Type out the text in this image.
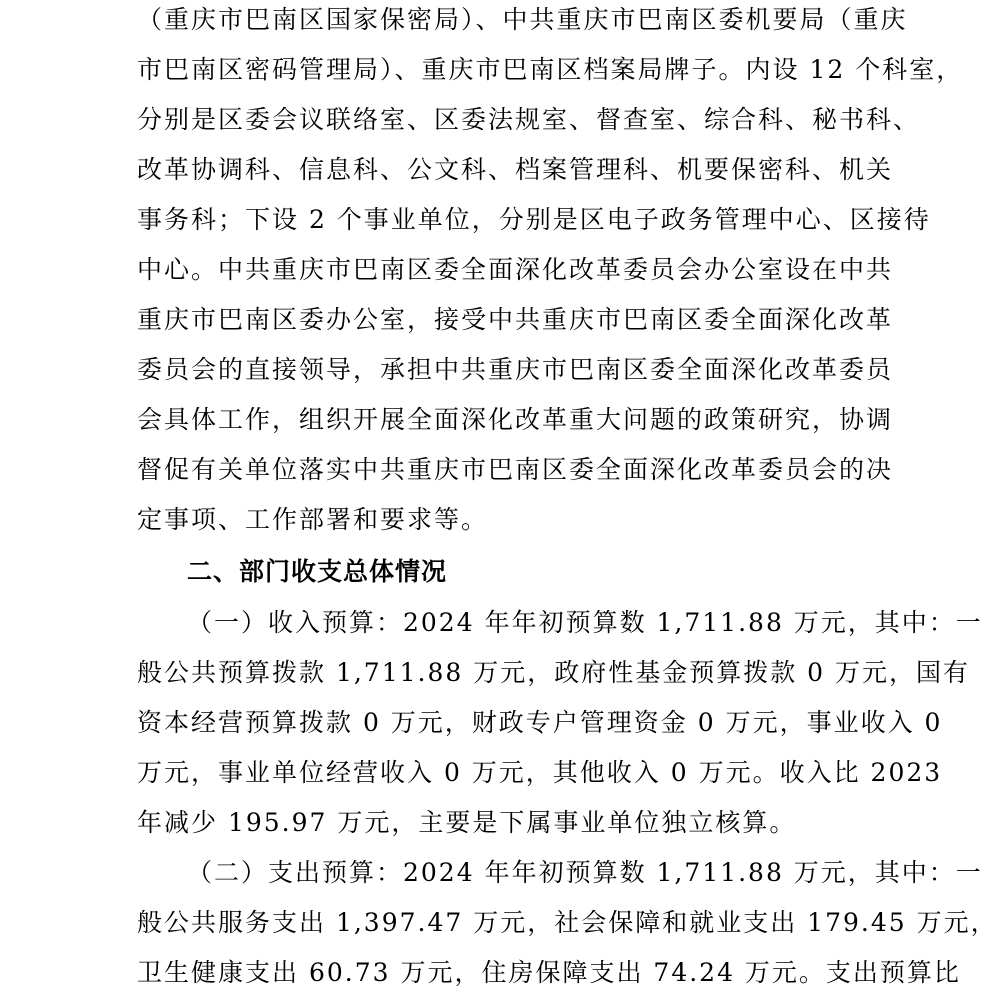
（重庆市巴南区国家保密局）、中共重庆市巴南区委机要局（重庆
市巴南区密码管理局）、重庆市巴南区档案局牌子。内设 12 个科室，
分别是区委会议联络室、区委法规室、督查室、综合科、秘书科、
改革协调科、信息科、公文科、档案管理科、机要保密科、机关
事务科；下设 2 个事业单位，分别是区电子政务管理中心、区接待
中心。中共重庆市巴南区委全面深化改革委员会办公室设在中共
重庆市巴南区委办公室，接受中共重庆市巴南区委全面深化改革
委员会的直接领导，承担中共重庆市巴南区委全面深化改革委员
会具体工作，组织开展全面深化改革重大问题的政策研究，协调
督促有关单位落实中共重庆市巴南区委全面深化改革委员会的决
定事项、工作部署和要求等。
二、部门收支总体情况
（一）收入预算：2024 年年初预算数 1,711.88 万元，其中：一
般公共预算拨款 1,711.88 万元，政府性基金预算拨款 0 万元，国有
资本经营预算拨款 0 万元，财政专户管理资金 0 万元，事业收入 0
万元，事业单位经营收入 0 万元，其他收入 0 万元。收入比 2023
年减少 195.97 万元，主要是下属事业单位独立核算。
（二）支出预算：2024 年年初预算数 1,711.88 万元，其中：一
般公共服务支出 1,397.47 万元，社会保障和就业支出 179.45 万元，
卫生健康支出 60.73 万元，住房保障支出 74.24 万元。支出预算比
